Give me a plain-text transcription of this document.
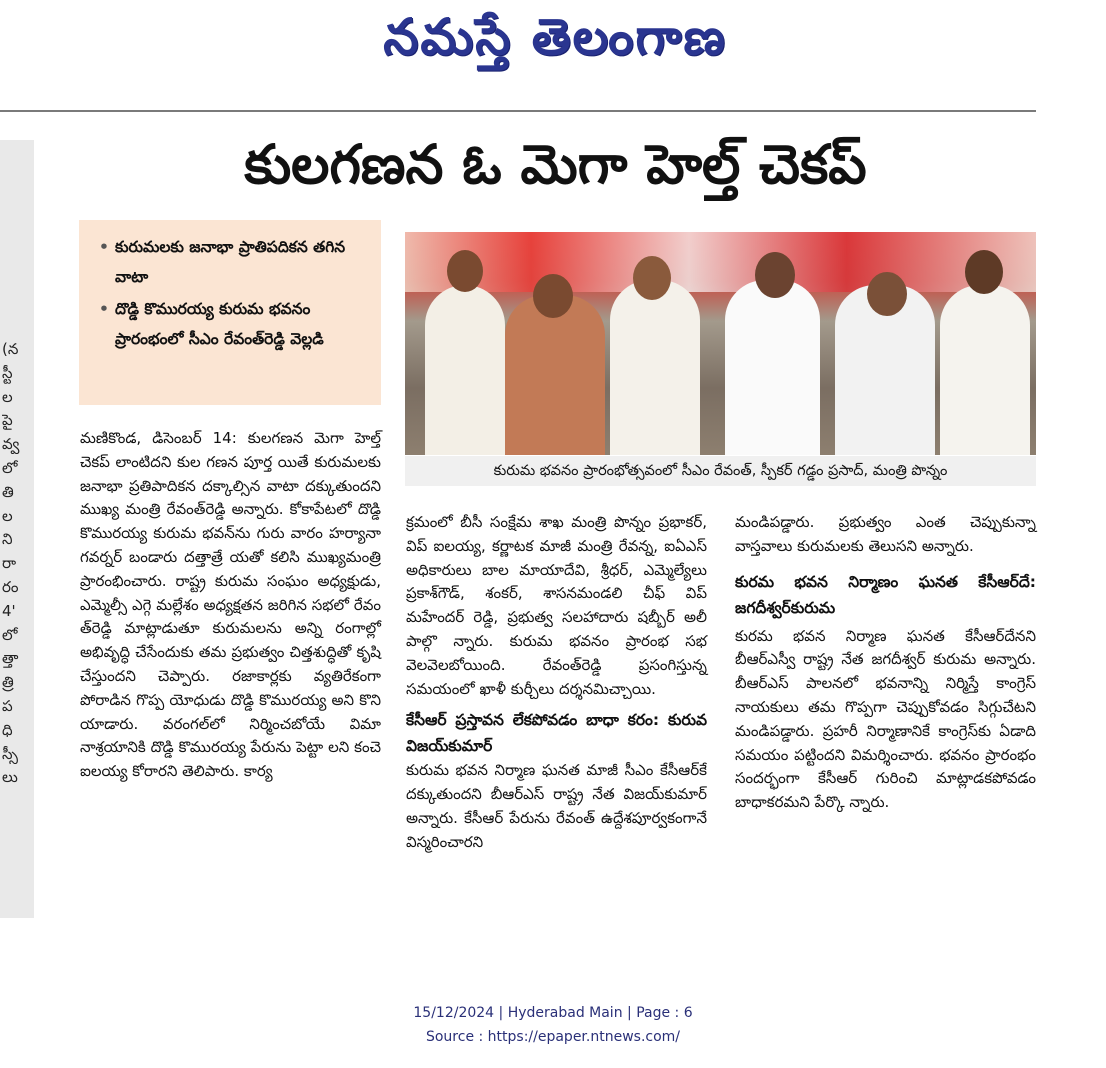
నమస్తే తెలంగాణ
కులగణన ఓ మెగా హెల్త్ చెకప్
(న
స్టీ
ల
పై
వ్వ
లో
తి
ల
ని
రా
రం
4'
లో
త్తా
త్రి
ప
ధి
స్సీ
లు
• కురుమలకు జనాభా ప్రాతిపదికన తగిన వాటా
• దొడ్డి కొమురయ్య కురుమ భవనం ప్రారంభంలో సీఎం రేవంత్‌రెడ్డి వెల్లడి
కురుమ భవనం ప్రారంభోత్సవంలో సీఎం రేవంత్, స్పీకర్ గడ్డం ప్రసాద్, మంత్రి పొన్నం

మణికొండ, డిసెంబర్ 14: కులగణన మెగా హెల్త్ చెకప్ లాంటిదని కుల గణన పూర్త యితే కురుమలకు జనాభా ప్రతిపాదికన దక్కాల్సిన వాటా దక్కుతుందని ముఖ్య మంత్రి రేవంత్‌రెడ్డి అన్నారు. కోకాపేటలో దొడ్డి కొమురయ్య కురుమ భవన్‌ను గురు వారం హర్యానా గవర్నర్ బండారు దత్తాత్రే యతో కలిసి ముఖ్యమంత్రి ప్రారంభించారు. రాష్ట్ర కురుమ సంఘం అధ్యక్షుడు, ఎమ్మెల్సీ ఎగ్గె మల్లేశం అధ్యక్షతన జరిగిన సభలో రేవం త్‌రెడ్డి మాట్లాడుతూ కురుమలను అన్ని రంగాల్లో అభివృద్ధి చేసేందుకు తమ ప్రభుత్వం చిత్తశుద్ధితో కృషి చేస్తుందని చెప్పారు. రజాకార్లకు వ్యతిరేకంగా పోరాడిన గొప్ప యోధుడు దొడ్డి కొమురయ్య అని కొని యాడారు. వరంగల్‌లో నిర్మించబోయే విమా నాశ్రయానికి దొడ్డి కొమురయ్య పేరును పెట్టా లని కంచె ఐలయ్య కోరారని తెలిపారు. కార్య

క్రమంలో బీసీ సంక్షేమ శాఖ మంత్రి పొన్నం ప్రభాకర్, విప్ ఐలయ్య, కర్ణాటక మాజీ మంత్రి రేవన్న, ఐఏఎస్ అధికారులు బాల మాయాదేవి, శ్రీధర్, ఎమ్మెల్యేలు ప్రకాశ్‌గౌడ్, శంకర్, శాసనమండలి చీఫ్ విప్ మహేందర్ రెడ్డి, ప్రభుత్వ సలహాదారు షబ్బీర్ అలీ పాల్గొ న్నారు. కురుమ భవనం ప్రారంభ సభ వెలవెలబోయింది. రేవంత్‌రెడ్డి ప్రసంగిస్తున్న సమయంలో ఖాళీ కుర్చీలు దర్శనమిచ్చాయి.

కేసీఆర్ ప్రస్తావన లేకపోవడం బాధా కరం: కురువ విజయ్‌కుమార్

కురుమ భవన నిర్మాణ ఘనత మాజీ సీఎం కేసీఆర్‌కే దక్కుతుందని బీఆర్‌ఎస్ రాష్ట్ర నేత విజయ్‌కుమార్ అన్నారు. కేసీఆర్ పేరును రేవంత్ ఉద్దేశపూర్వకంగానే విస్మరించారని

మండిపడ్డారు. ప్రభుత్వం ఎంత చెప్పుకున్నా వాస్తవాలు కురుమలకు తెలుసని అన్నారు.

కురమ భవన నిర్మాణం ఘనత కేసీఆర్‌దే: జగదీశ్వర్‌కురుమ

కురమ భవన నిర్మాణ ఘనత కేసీఆర్‌దేనని బీఆర్‌ఎస్వీ రాష్ట్ర నేత జగదీశ్వర్ కురుమ అన్నారు. బీఆర్‌ఎస్ పాలనలో భవనాన్ని నిర్మిస్తే కాంగ్రెస్ నాయకులు తమ గొప్పగా చెప్పుకోవడం సిగ్గుచేటని మండిపడ్డారు. ప్రహరీ నిర్మాణానికే కాంగ్రెస్‌కు ఏడాది సమయం పట్టిందని విమర్శించారు. భవనం ప్రారంభం సందర్భంగా కేసీఆర్ గురించి మాట్లాడకపోవడం బాధాకరమని పేర్కొ న్నారు.

15/12/2024 | Hyderabad Main | Page : 6
Source : https://epaper.ntnews.com/
